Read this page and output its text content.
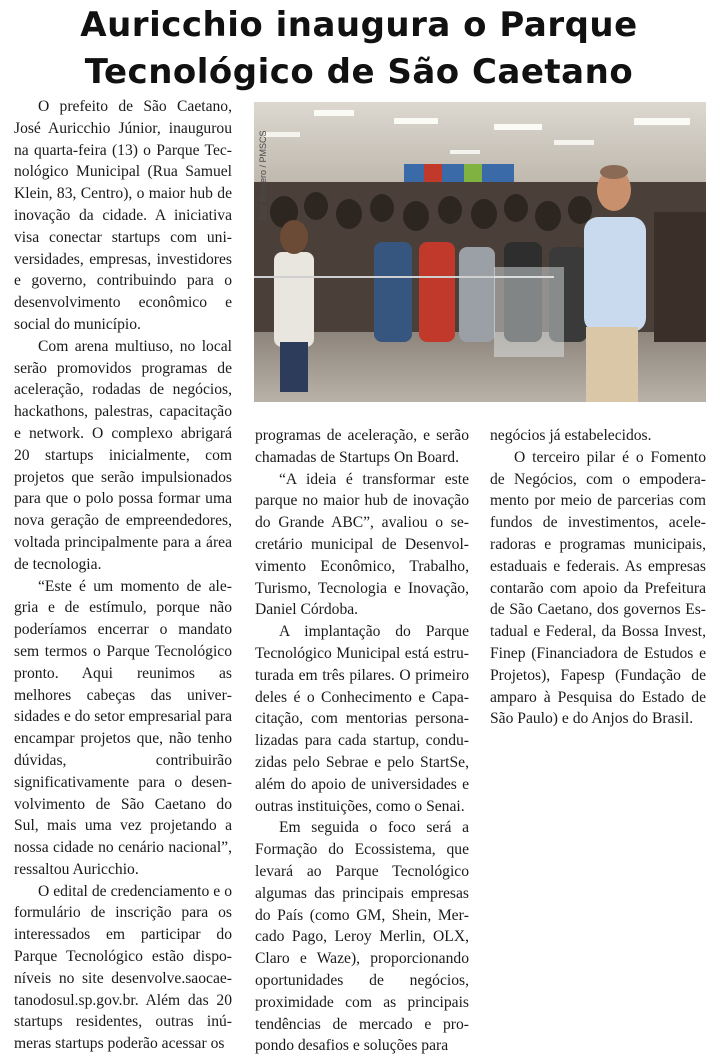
Auricchio inaugura o Parque
Tecnológico de São Caetano
Eric Romero / PMSCS

O prefeito de São Caetano, José Auricchio Júnior, inaugurou na quarta-feira (13) o Parque Tecnológico Municipal (Rua Samuel Klein, 83, Centro), o maior hub de inovação da cidade. A iniciativa visa conectar startups com universidades, empresas, investidores e governo, contribuindo para o desenvolvimento econômico e social do município.

Com arena multiuso, no local serão promovidos programas de aceleração, rodadas de negócios, hackathons, palestras, capacitação e network. O complexo abrigará 20 startups inicialmente, com projetos que serão impulsionados para que o polo possa formar uma nova geração de empreendedores, voltada principalmente para a área de tecnologia.

“Este é um momento de alegria e de estímulo, porque não poderíamos encerrar o mandato sem termos o Parque Tecnológico pronto. Aqui reunimos as melhores cabeças das universidades e do setor empresarial para encampar projetos que, não tenho dúvidas, contribuirão significativamente para o desenvolvimento de São Caetano do Sul, mais uma vez projetando a nossa cidade no cenário nacional”, ressaltou Auricchio.

O edital de credenciamento e o formulário de inscrição para os interessados em participar do Parque Tecnológico estão disponíveis no site desenvolve.saocaetanodosul.sp.gov.br. Além das 20 startups residentes, outras inúmeras startups poderão acessar os

programas de aceleração, e serão chamadas de Startups On Board.

“A ideia é transformar este parque no maior hub de inovação do Grande ABC”, avaliou o secretário municipal de Desenvolvimento Econômico, Trabalho, Turismo, Tecnologia e Inovação, Daniel Córdoba.

A implantação do Parque Tecnológico Municipal está estruturada em três pilares. O primeiro deles é o Conhecimento e Capacitação, com mentorias personalizadas para cada startup, conduzidas pelo Sebrae e pelo StartSe, além do apoio de universidades e outras instituições, como o Senai.

Em seguida o foco será a Formação do Ecossistema, que levará ao Parque Tecnológico algumas das principais empresas do País (como GM, Shein, Mercado Pago, Leroy Merlin, OLX, Claro e Waze), proporcionando oportunidades de negócios, proximidade com as principais tendências de mercado e propondo desafios e soluções para

negócios já estabelecidos.

O terceiro pilar é o Fomento de Negócios, com o empoderamento por meio de parcerias com fundos de investimentos, aceleradoras e programas municipais, estaduais e federais. As empresas contarão com apoio da Prefeitura de São Caetano, dos governos Estadual e Federal, da Bossa Invest, Finep (Financiadora de Estudos e Projetos), Fapesp (Fundação de amparo à Pesquisa do Estado de São Paulo) e do Anjos do Brasil.
